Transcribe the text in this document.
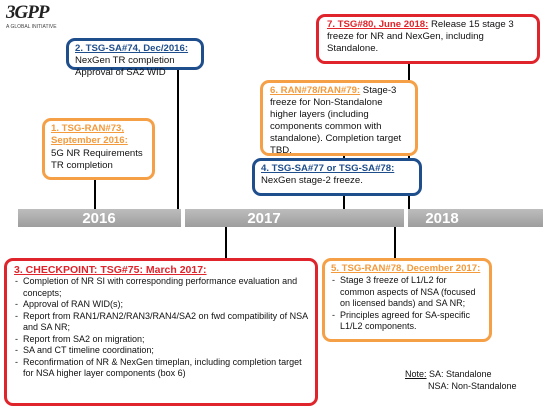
3GPP
A GLOBAL INITIATIVE
2016	2017	2018
2. TSG-SA#74, Dec/2016:
NexGen TR completion
Approval of SA2 WID
1. TSG-RAN#73,
September 2016:
5G NR Requirements
TR completion
7. TSG#80, June 2018: Release 15 stage 3 freeze for NR and NexGen, including Standalone.
6. RAN#78/RAN#79: Stage-3 freeze for Non-Standalone higher layers (including components common with standalone). Completion target TBD.
4. TSG-SA#77 or TSG-SA#78:
NexGen stage-2 freeze.
3. CHECKPOINT: TSG#75: March 2017:
- Completion of NR SI with corresponding performance evaluation and concepts;
- Approval of RAN WID(s);
- Report from RAN1/RAN2/RAN3/RAN4/SA2 on fwd compatibility of NSA and SA NR;
- Report from SA2 on migration;
- SA and CT timeline coordination;
- Reconfirmation of NR & NexGen timeplan, including completion target for NSA higher layer components (box 6)
5. TSG-RAN#78, December 2017:
- Stage 3 freeze of L1/L2 for common aspects of NSA (focused on licensed bands) and SA NR;
- Principles agreed for SA-specific L1/L2 components.
Note: SA: Standalone
NSA: Non-Standalone
